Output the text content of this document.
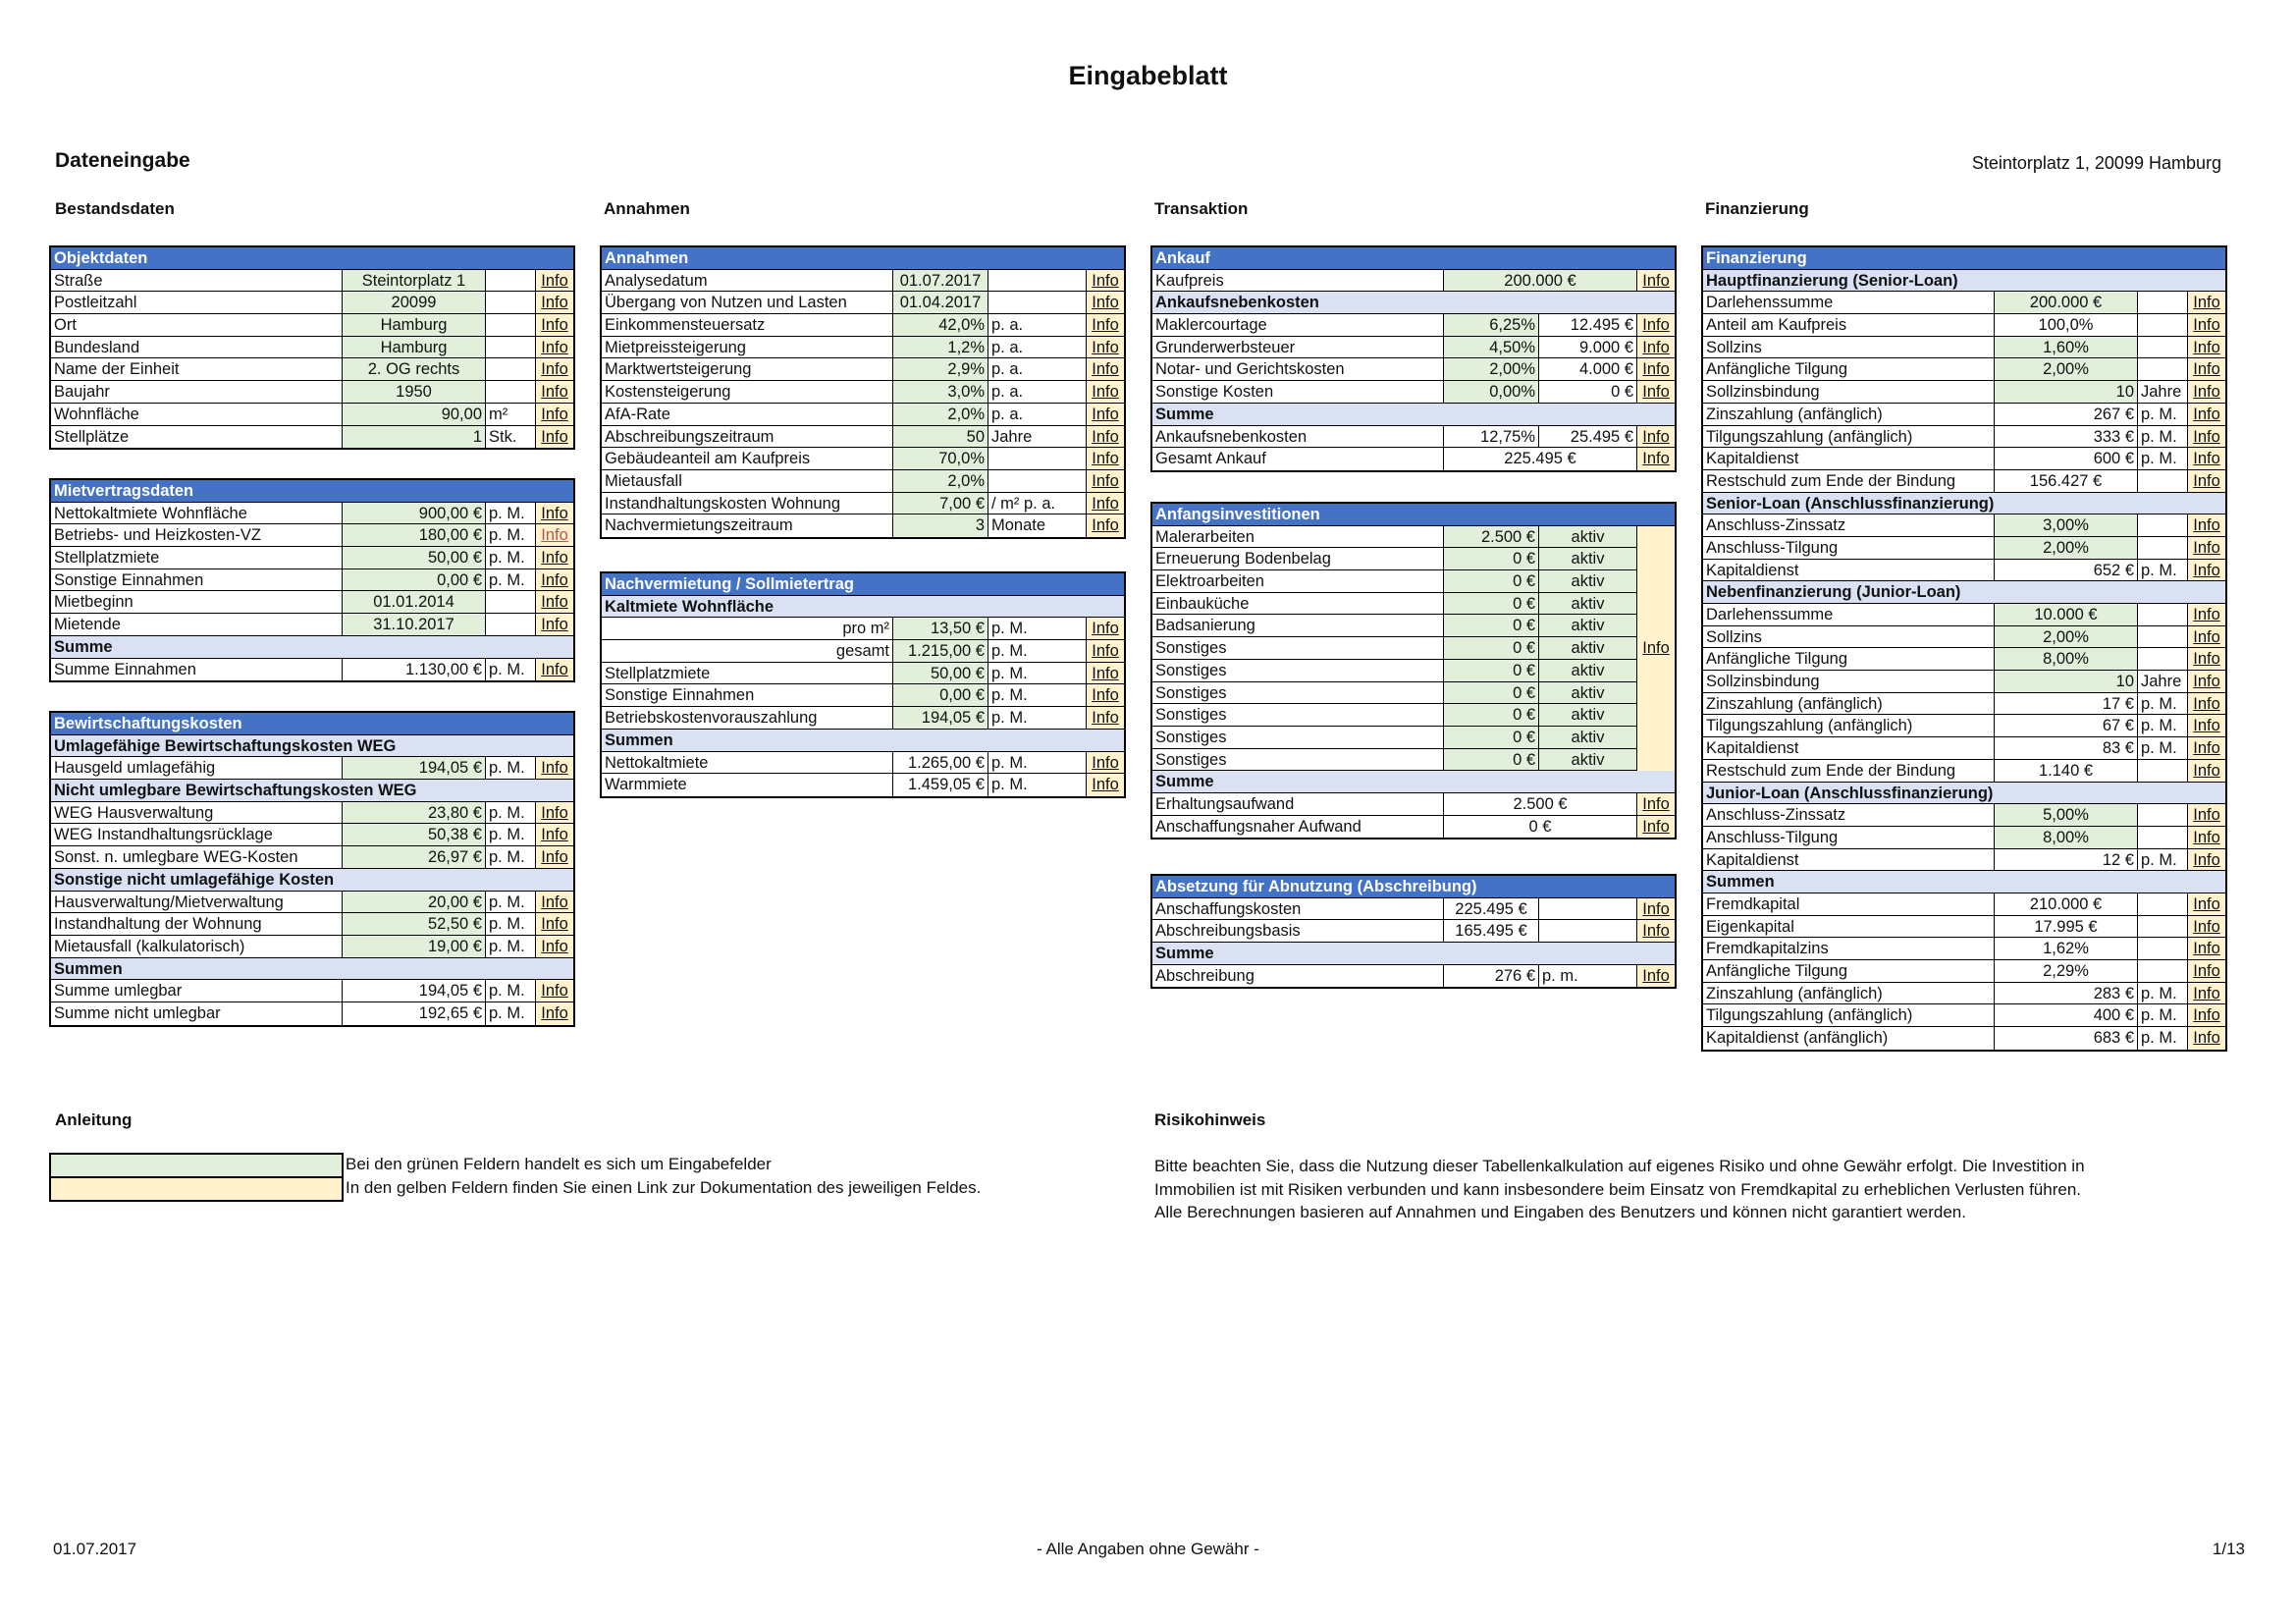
Eingabeblatt
Dateneingabe	Steintorplatz 1, 20099 Hamburg
Bestandsdaten	Annahmen	Transaktion	Finanzierung
Objektdaten
Straße	Steintorplatz 1	Info
Postleitzahl	20099	Info
Ort	Hamburg	Info
Bundesland	Hamburg	Info
Name der Einheit	2. OG rechts	Info
Baujahr	1950	Info
Wohnfläche	90,00 m²	Info
Stellplätze	1 Stk.	Info
Mietvertragsdaten
Nettokaltmiete Wohnfläche	900,00 € p. M.	Info
Betriebs- und Heizkosten-VZ	180,00 € p. M.	Info
Stellplatzmiete	50,00 € p. M.	Info
Sonstige Einnahmen	0,00 € p. M.	Info
Mietbeginn	01.01.2014	Info
Mietende	31.10.2017	Info
Summe
Summe Einnahmen	1.130,00 € p. M.	Info
Bewirtschaftungskosten
Umlagefähige Bewirtschaftungskosten WEG
Hausgeld umlagefähig	194,05 € p. M.	Info
Nicht umlegbare Bewirtschaftungskosten WEG
WEG Hausverwaltung	23,80 € p. M.	Info
WEG Instandhaltungsrücklage	50,38 € p. M.	Info
Sonst. n. umlegbare WEG-Kosten	26,97 € p. M.	Info
Sonstige nicht umlagefähige Kosten
Hausverwaltung/Mietverwaltung	20,00 € p. M.	Info
Instandhaltung der Wohnung	52,50 € p. M.	Info
Mietausfall (kalkulatorisch)	19,00 € p. M.	Info
Summen
Summe umlegbar	194,05 € p. M.	Info
Summe nicht umlegbar	192,65 € p. M.	Info
Annahmen
Analysedatum	01.07.2017	Info
Übergang von Nutzen und Lasten	01.04.2017	Info
Einkommensteuersatz	42,0% p. a.	Info
Mietpreissteigerung	1,2% p. a.	Info
Marktwertsteigerung	2,9% p. a.	Info
Kostensteigerung	3,0% p. a.	Info
AfA-Rate	2,0% p. a.	Info
Abschreibungszeitraum	50 Jahre	Info
Gebäudeanteil am Kaufpreis	70,0%	Info
Mietausfall	2,0%	Info
Instandhaltungskosten Wohnung	7,00 € / m² p. a.	Info
Nachvermietungszeitraum	3 Monate	Info
Nachvermietung / Sollmietertrag
Kaltmiete Wohnfläche
pro m²	13,50 € p. M.	Info
gesamt	1.215,00 € p. M.	Info
Stellplatzmiete	50,00 € p. M.	Info
Sonstige Einnahmen	0,00 € p. M.	Info
Betriebskostenvorauszahlung	194,05 € p. M.	Info
Summen
Nettokaltmiete	1.265,00 € p. M.	Info
Warmmiete	1.459,05 € p. M.	Info
Ankauf
Kaufpreis	200.000 €	Info
Ankaufsnebenkosten
Maklercourtage	6,25%	12.495 € Info
Grunderwerbsteuer	4,50%	9.000 € Info
Notar- und Gerichtskosten	2,00%	4.000 € Info
Sonstige Kosten	0,00%	0 € Info
Summe
Ankaufsnebenkosten	12,75%	25.495 € Info
Gesamt Ankauf	225.495 €	Info
Anfangsinvestitionen
Malerarbeiten	2.500 €	aktiv
Erneuerung Bodenbelag	0 €	aktiv
Elektroarbeiten	0 €	aktiv
Einbauküche	0 €	aktiv
Badsanierung	0 €	aktiv
Sonstiges	0 €	aktiv
Sonstiges	0 €	aktiv
Sonstiges	0 €	aktiv
Sonstiges	0 €	aktiv
Sonstiges	0 €	aktiv
Sonstiges	0 €	aktiv
Info
Summe
Erhaltungsaufwand	2.500 €	Info
Anschaffungsnaher Aufwand	0 €	Info
Absetzung für Abnutzung (Abschreibung)
Anschaffungskosten	225.495 €	Info
Abschreibungsbasis	165.495 €	Info
Summe
Abschreibung	276 € p. m.	Info
Finanzierung
Hauptfinanzierung (Senior-Loan)
Darlehenssumme	200.000 €	Info
Anteil am Kaufpreis	100,0%	Info
Sollzins	1,60%	Info
Anfängliche Tilgung	2,00%	Info
Sollzinsbindung	10 Jahre Info
Zinszahlung (anfänglich)	267 € p. M.	Info
Tilgungszahlung (anfänglich)	333 € p. M.	Info
Kapitaldienst	600 € p. M.	Info
Restschuld zum Ende der Bindung	156.427 €	Info
Senior-Loan (Anschlussfinanzierung)
Anschluss-Zinssatz	3,00%	Info
Anschluss-Tilgung	2,00%	Info
Kapitaldienst	652 € p. M.	Info
Nebenfinanzierung (Junior-Loan)
Darlehenssumme	10.000 €	Info
Sollzins	2,00%	Info
Anfängliche Tilgung	8,00%	Info
Sollzinsbindung	10 Jahre Info
Zinszahlung (anfänglich)	17 € p. M.	Info
Tilgungszahlung (anfänglich)	67 € p. M.	Info
Kapitaldienst	83 € p. M.	Info
Restschuld zum Ende der Bindung	1.140 €	Info
Junior-Loan (Anschlussfinanzierung)
Anschluss-Zinssatz	5,00%	Info
Anschluss-Tilgung	8,00%	Info
Kapitaldienst	12 € p. M.	Info
Summen
Fremdkapital	210.000 €	Info
Eigenkapital	17.995 €	Info
Fremdkapitalzins	1,62%	Info
Anfängliche Tilgung	2,29%	Info
Zinszahlung (anfänglich)	283 € p. M.	Info
Tilgungszahlung (anfänglich)	400 € p. M.	Info
Kapitaldienst (anfänglich)	683 € p. M.	Info
Anleitung
Bei den grünen Feldern handelt es sich um Eingabefelder
In den gelben Feldern finden Sie einen Link zur Dokumentation des jeweiligen Feldes.
Risikohinweis
Bitte beachten Sie, dass die Nutzung dieser Tabellenkalkulation auf eigenes Risiko und ohne Gewähr erfolgt. Die Investition in
Immobilien ist mit Risiken verbunden und kann insbesondere beim Einsatz von Fremdkapital zu erheblichen Verlusten führen.
Alle Berechnungen basieren auf Annahmen und Eingaben des Benutzers und können nicht garantiert werden.
01.07.2017	- Alle Angaben ohne Gewähr -	1/13
